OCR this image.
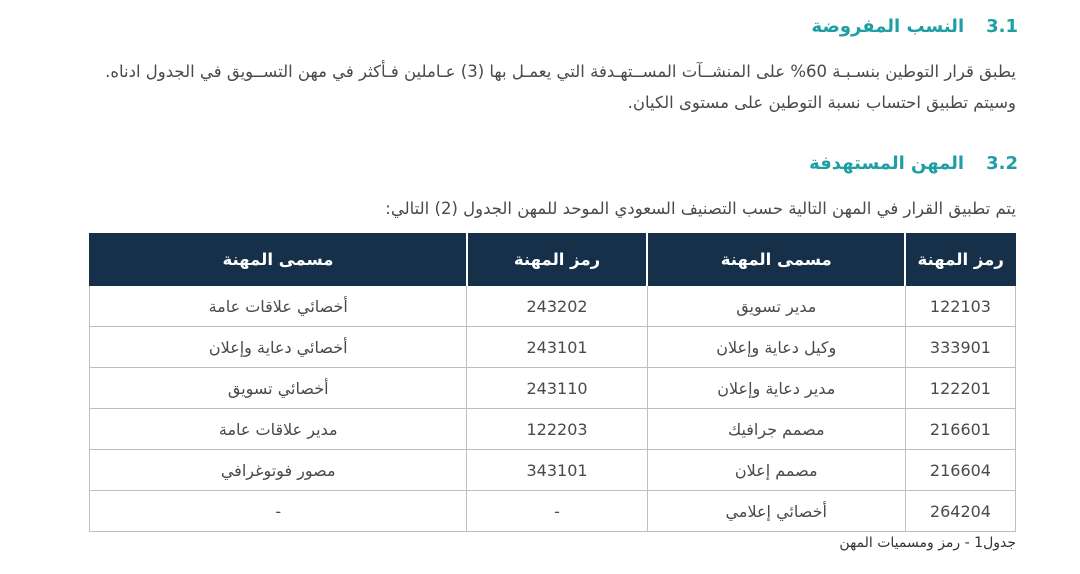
3.1النسب المفروضة

يطبق قرار التوطين بنسـبـة 60% على المنشــآت المســتهـدفة التي يعمـل بها (3) عـاملين فـأكثر في مهن التســويق في الجدول ادناه. وسيتم تطبيق احتساب نسبة التوطين على مستوى الكيان.

3.2المهن المستهدفة

يتم تطبيق القرار في المهن التالية حسب التصنيف السعودي الموحد للمهن الجدول (2) التالي:

رمز المهنة	مسمى المهنة	رمز المهنة	مسمى المهنة
122103	مدير تسويق	243202	أخصائي علاقات عامة
333901	وكيل دعاية وإعلان	243101	أخصائي دعاية وإعلان
122201	مدير دعاية وإعلان	243110	أخصائي تسويق
216601	مصمم جرافيك	122203	مدير علاقات عامة
216604	مصمم إعلان	343101	مصور فوتوغرافي
264204	أخصائي إعلامي	-	-
جدول1 - رمز ومسميات المهن
